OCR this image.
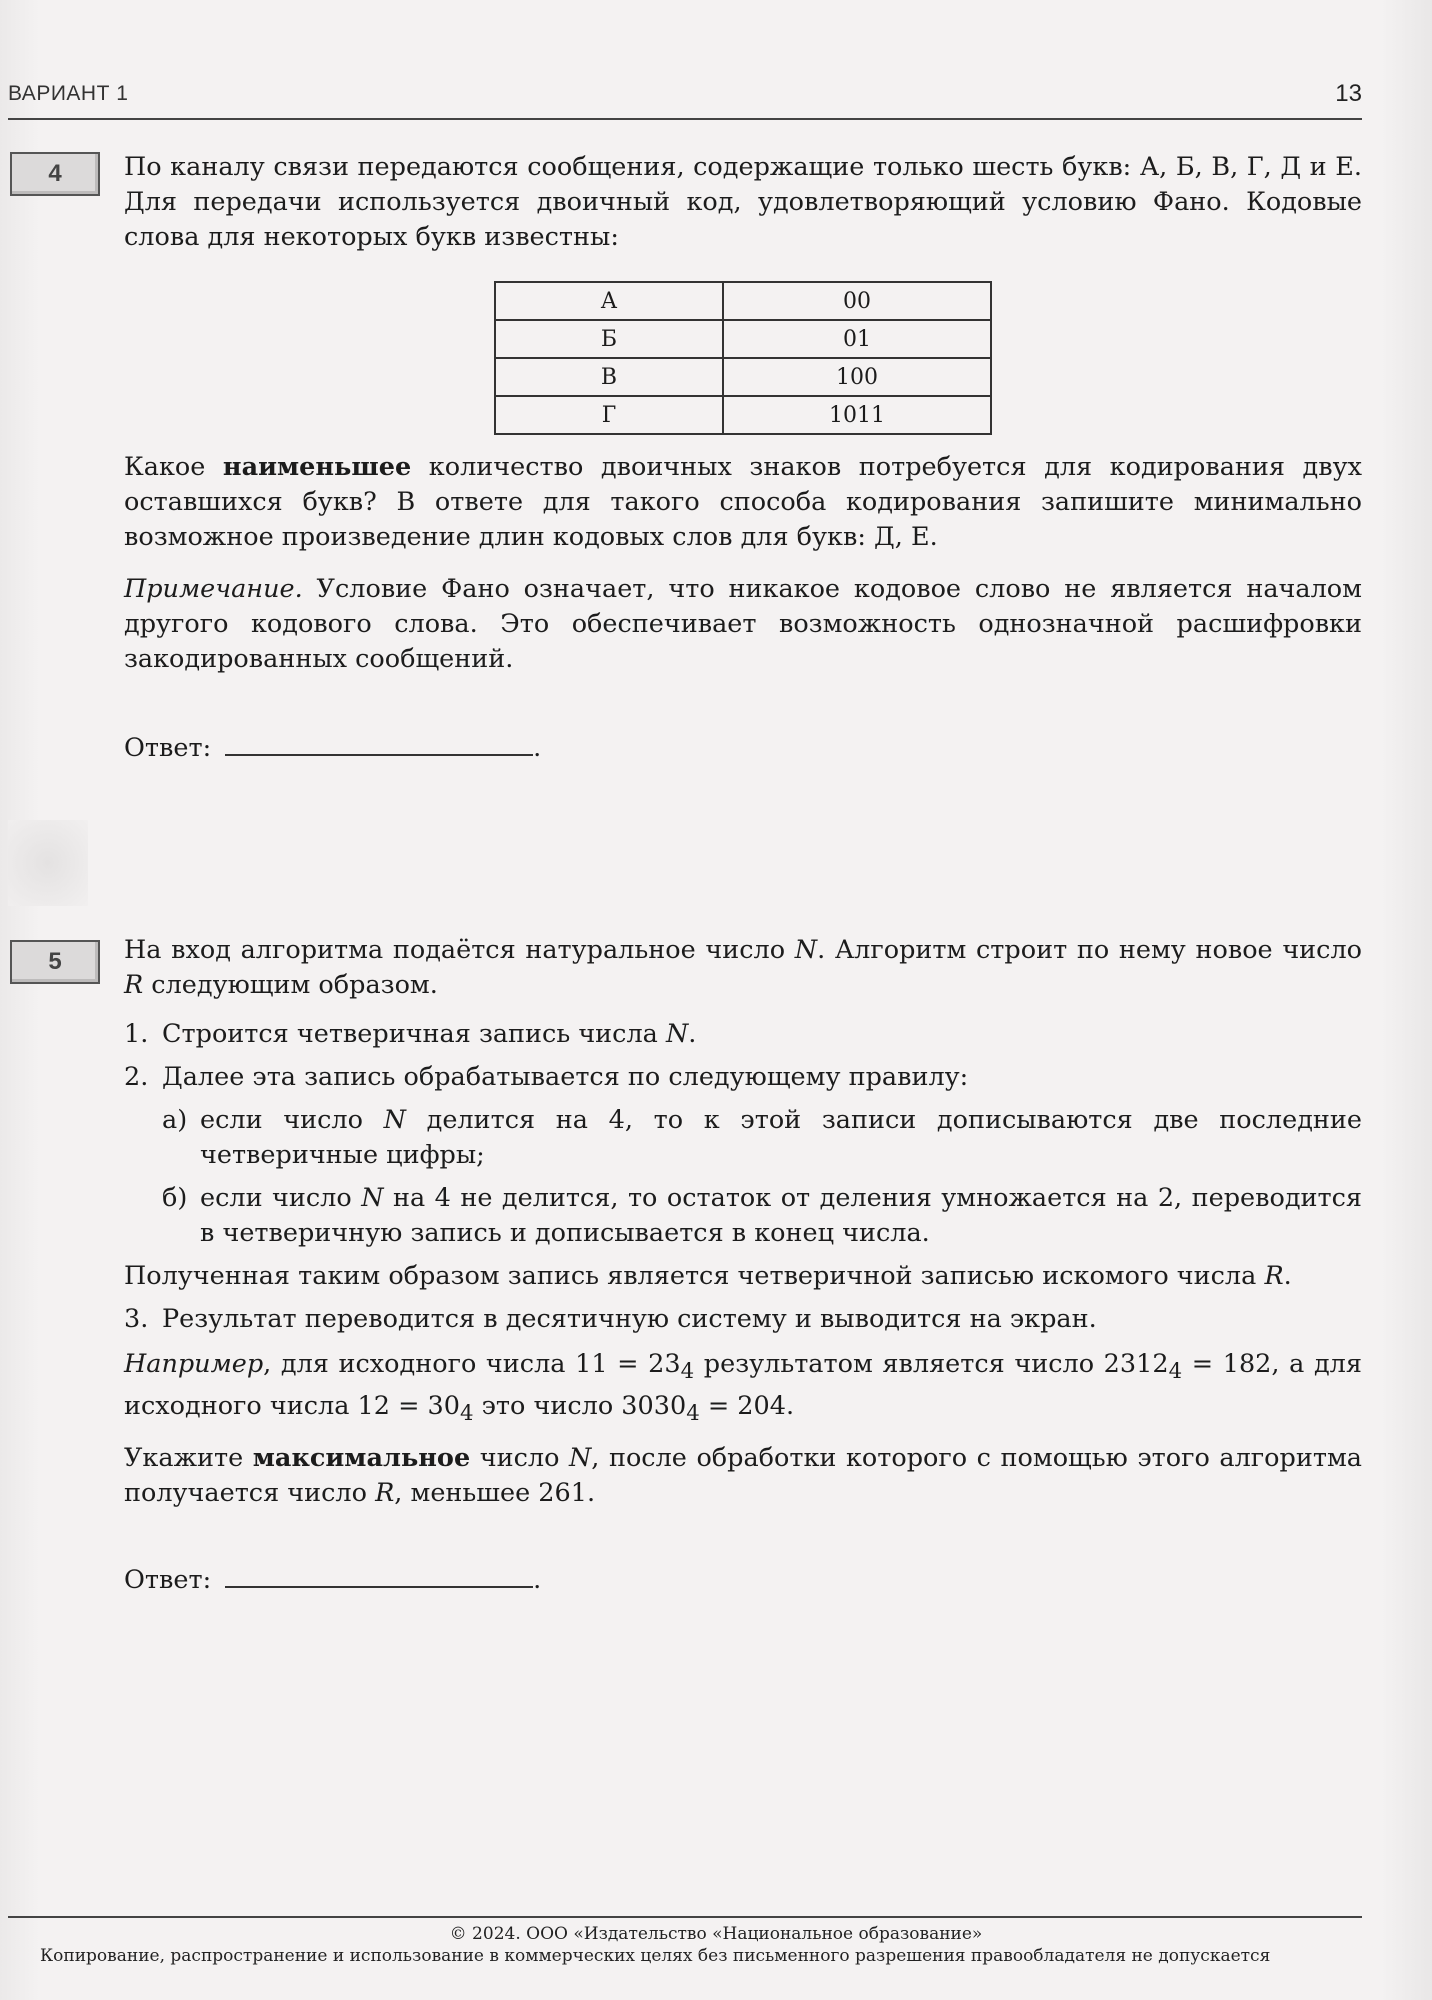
ВАРИАНТ 1	13
4	По каналу связи передаются сообщения, содержащие только шесть букв: А, Б, В, Г, Д и Е. Для передачи используется двоичный код, удовлетворяющий условию Фано. Кодовые слова для некоторых букв известны:

А	00
Б	01
В	100
Г	1011

Какое наименьшее количество двоичных знаков потребуется для кодирования двух оставшихся букв? В ответе для такого способа кодирования запишите минимально возможное произведение длин кодовых слов для букв: Д, Е.

Примечание. Условие Фано означает, что никакое кодовое слово не является началом другого кодового слова. Это обеспечивает возможность однозначной расшифровки закодированных сообщений.

Ответ:	.
5	На вход алгоритма подаётся натуральное число N. Алгоритм строит по нему новое число R следующим образом.

1. Строится четверичная запись числа N.
2. Далее эта запись обрабатывается по следующему правилу:
а) если число N делится на 4, то к этой записи дописываются две последние четверичные цифры;
б) если число N на 4 не делится, то остаток от деления умножается на 2, переводится в четверичную запись и дописывается в конец числа.

Полученная таким образом запись является четверичной записью искомого числа R.

3. Результат переводится в десятичную систему и выводится на экран.

Например, для исходного числа $11 = 23_4$ результатом является число $2312_4 = 182$, а для исходного числа $12 = 30_4$ это число $3030_4 = 204$.

Укажите максимальное число N, после обработки которого с помощью этого алгоритма получается число R, меньшее 261.

Ответ:	.
© 2024. ООО «Издательство «Национальное образование»
Копирование, распространение и использование в коммерческих целях без письменного разрешения правообладателя не допускается
